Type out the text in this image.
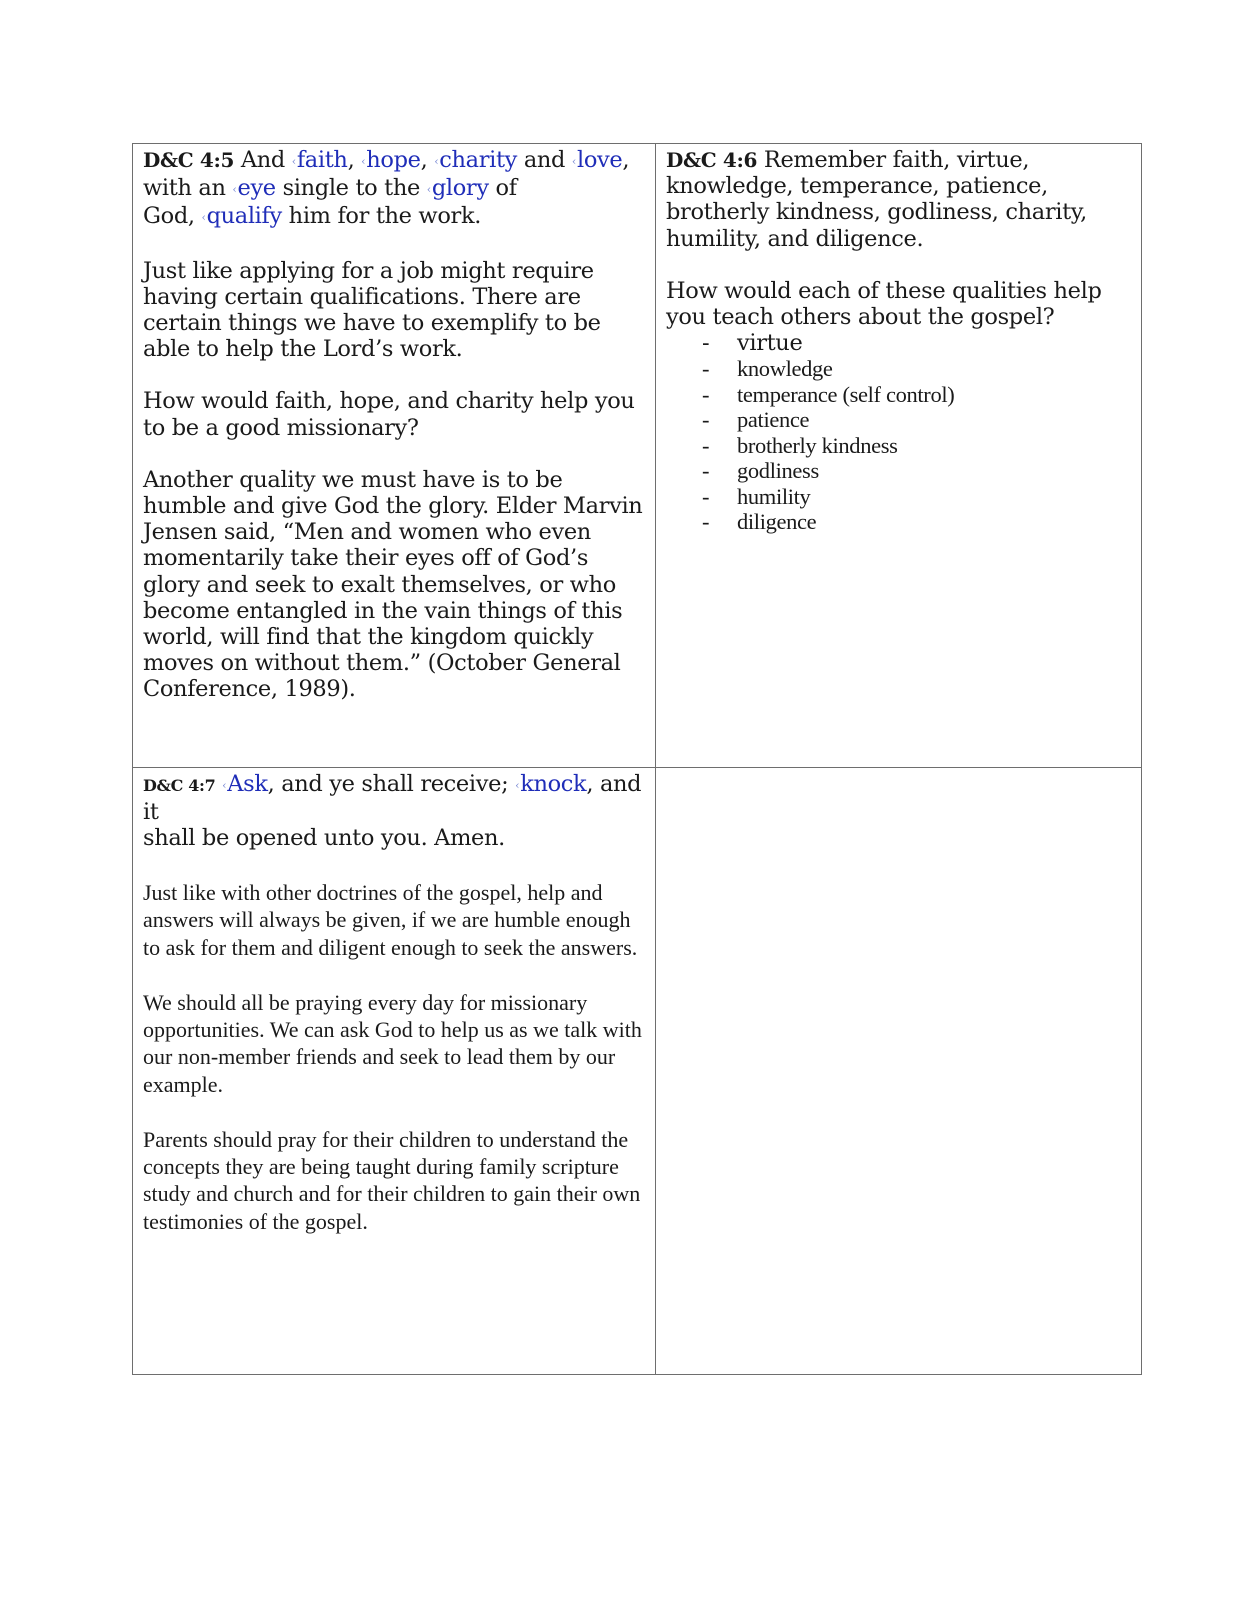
D&C 4:5 And ‹faith, ‹hope, ‹charity and ‹love,
with an ‹eye single to the ‹glory of
God, ‹qualify him for the work.

Just like applying for a job might require having certain qualifications. There are certain things we have to exemplify to be able to help the Lord’s work.

How would faith, hope, and charity help you to be a good missionary?

Another quality we must have is to be humble and give God the glory. Elder Marvin Jensen said, “Men and women who even momentarily take their eyes off of God’s glory and seek to exalt themselves, or who become entangled in the vain things of this world, will find that the kingdom quickly moves on without them.” (October General Conference, 1989).

D&C 4:6 Remember faith, virtue,
knowledge, temperance, patience,
brotherly kindness, godliness, charity,
humility, and diligence.

How would each of these qualities help you teach others about the gospel?

- virtue
- knowledge
- temperance (self control)
- patience
- brotherly kindness
- godliness
- humility
- diligence

D&C 4:7 ‹Ask, and ye shall receive; ‹knock, and it
shall be opened unto you. Amen.

Just like with other doctrines of the gospel, help and answers will always be given, if we are humble enough to ask for them and diligent enough to seek the answers.

We should all be praying every day for missionary opportunities. We can ask God to help us as we talk with our non-member friends and seek to lead them by our example.

Parents should pray for their children to understand the concepts they are being taught during family scripture study and church and for their children to gain their own testimonies of the gospel.
